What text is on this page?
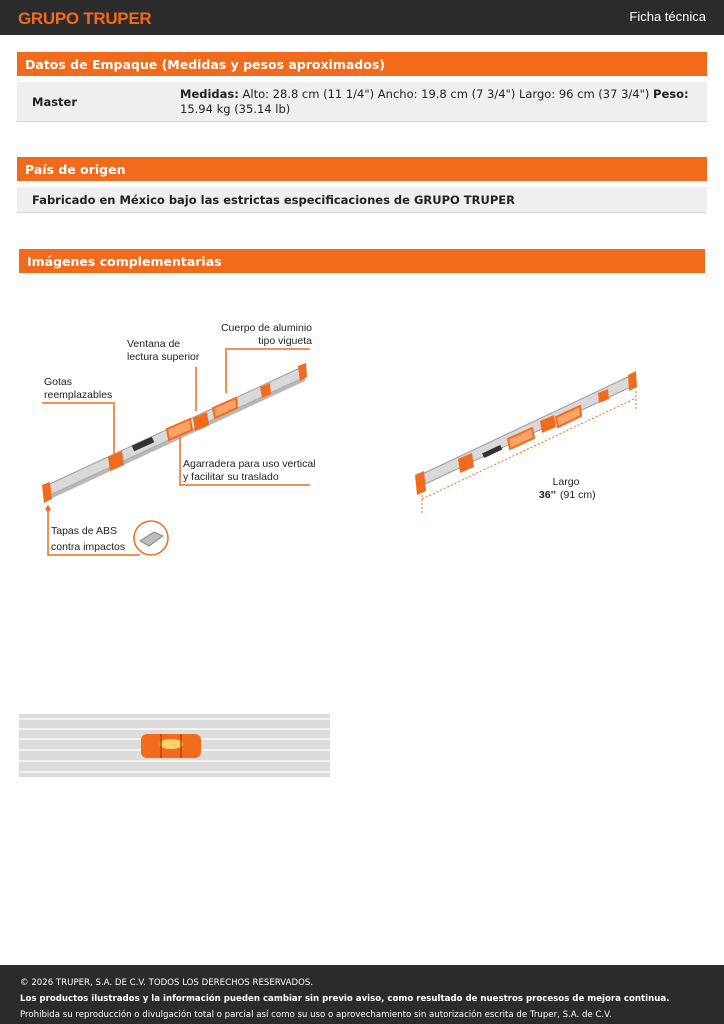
GRUPO TRUPER	Ficha técnica
Datos de Empaque (Medidas y pesos aproximados)
Master
Medidas: Alto: 28.8 cm (11 1/4") Ancho: 19.8 cm (7 3/4") Largo: 96 cm (37 3/4") Peso: 15.94 kg (35.14 lb)
País de origen
Fabricado en México bajo las estrictas especificaciones de GRUPO TRUPER
Imágenes complementarias
Cuerpo de aluminio
tipo vigueta
Ventana de
lectura superior
Gotas
reemplazables
Agarradera para uso vertical
y facilitar su traslado
Tapas de ABS
contra impactos
Largo
36’’ (91 cm)
© 2026 TRUPER, S.A. DE C.V. TODOS LOS DERECHOS RESERVADOS.
Los productos ilustrados y la información pueden cambiar sin previo aviso, como resultado de nuestros procesos de mejora continua.
Prohibida su reproducción o divulgación total o parcial así como su uso o aprovechamiento sin autorización escrita de Truper, S.A. de C.V.
